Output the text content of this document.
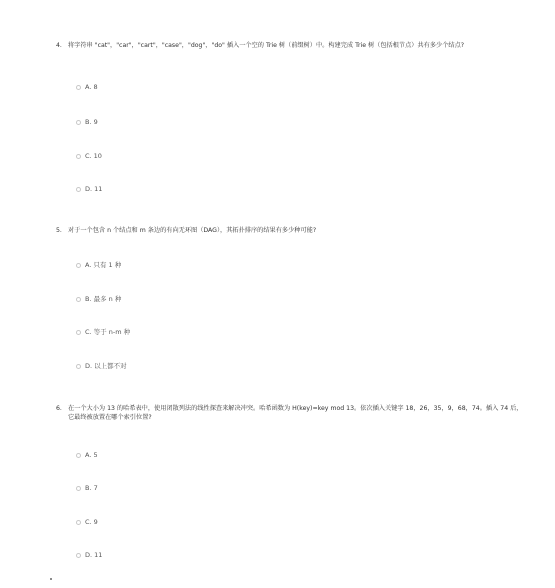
4. 将字符串 "cat"，"car"，"cart"，"case"，"dog"，"do" 插入一个空的 Trie 树（前缀树）中。构建完成 Trie 树（包括根节点）共有多少个结点?
A. 8
B. 9
C. 10
D. 11
5. 对于一个包含 n 个结点和 m 条边的有向无环图（DAG），其拓扑排序的结果有多少种可能?
A. 只有 1 种
B. 最多 n 种
C. 等于 n-m 种
D. 以上都不对
6. 在一个大小为 13 的哈希表中，使用闭散列法的线性探查来解决冲突。哈希函数为 H(key)=key mod 13。依次插入关键字 18，26，35，9，68，74。插入 74 后，它最终被放置在哪个索引位置?
A. 5
B. 7
C. 9
D. 11
